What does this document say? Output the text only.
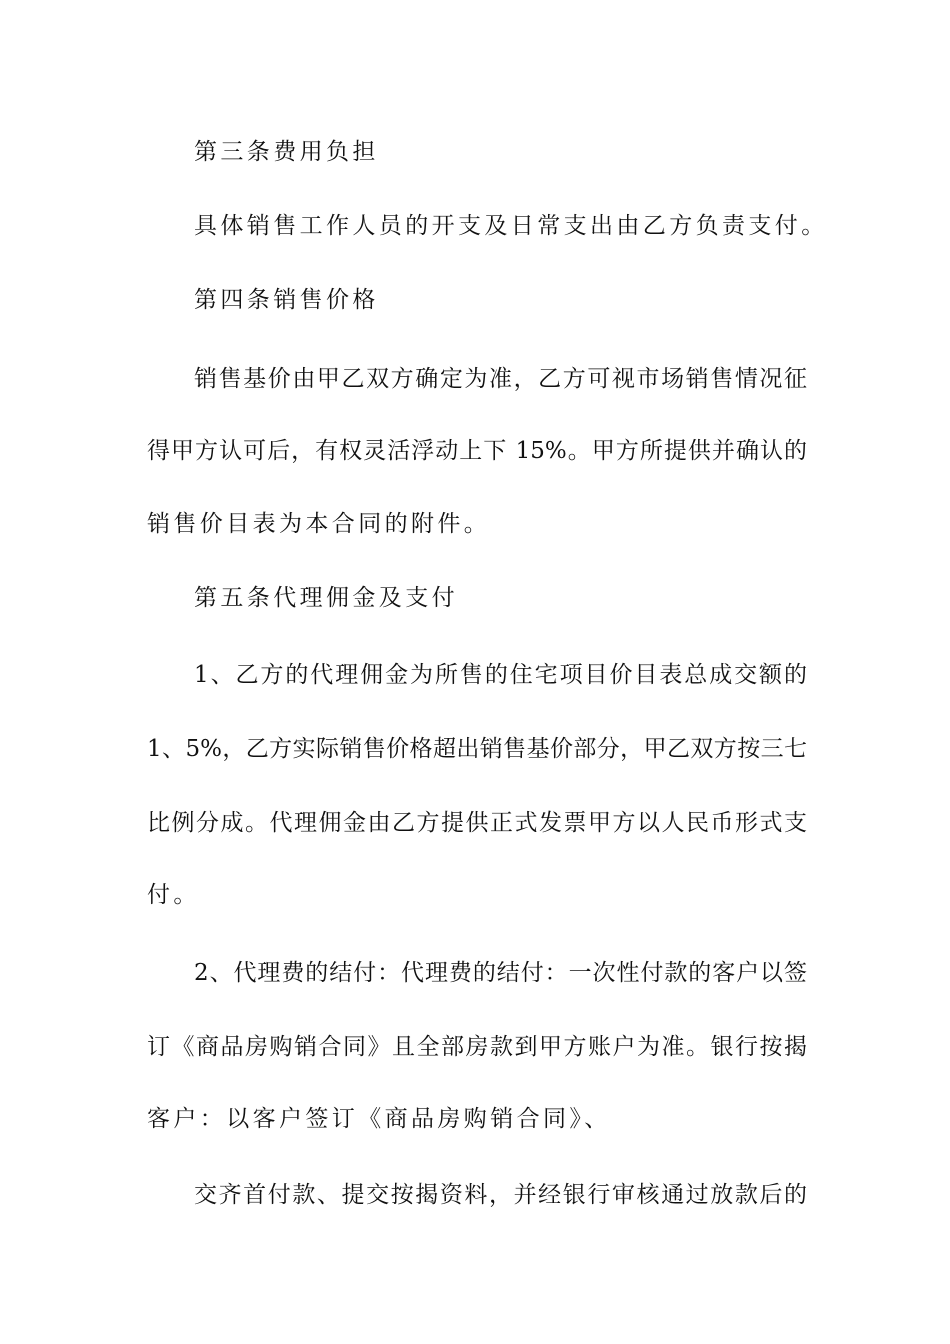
第三条费用负担
具体销售工作人员的开支及日常支出由乙方负责支付。
第四条销售价格
销售基价由甲乙双方确定为准，乙方可视市场销售情况征
得甲方认可后，有权灵活浮动上下 15%。甲方所提供并确认的
销售价目表为本合同的附件。
第五条代理佣金及支付
1、乙方的代理佣金为所售的住宅项目价目表总成交额的
1、5%，乙方实际销售价格超出销售基价部分，甲乙双方按三七
比例分成。代理佣金由乙方提供正式发票甲方以人民币形式支
付。
2、代理费的结付：代理费的结付：一次性付款的客户以签
订《商品房购销合同》且全部房款到甲方账户为准。银行按揭
客户：以客户签订《商品房购销合同》、
交齐首付款、提交按揭资料，并经银行审核通过放款后的
